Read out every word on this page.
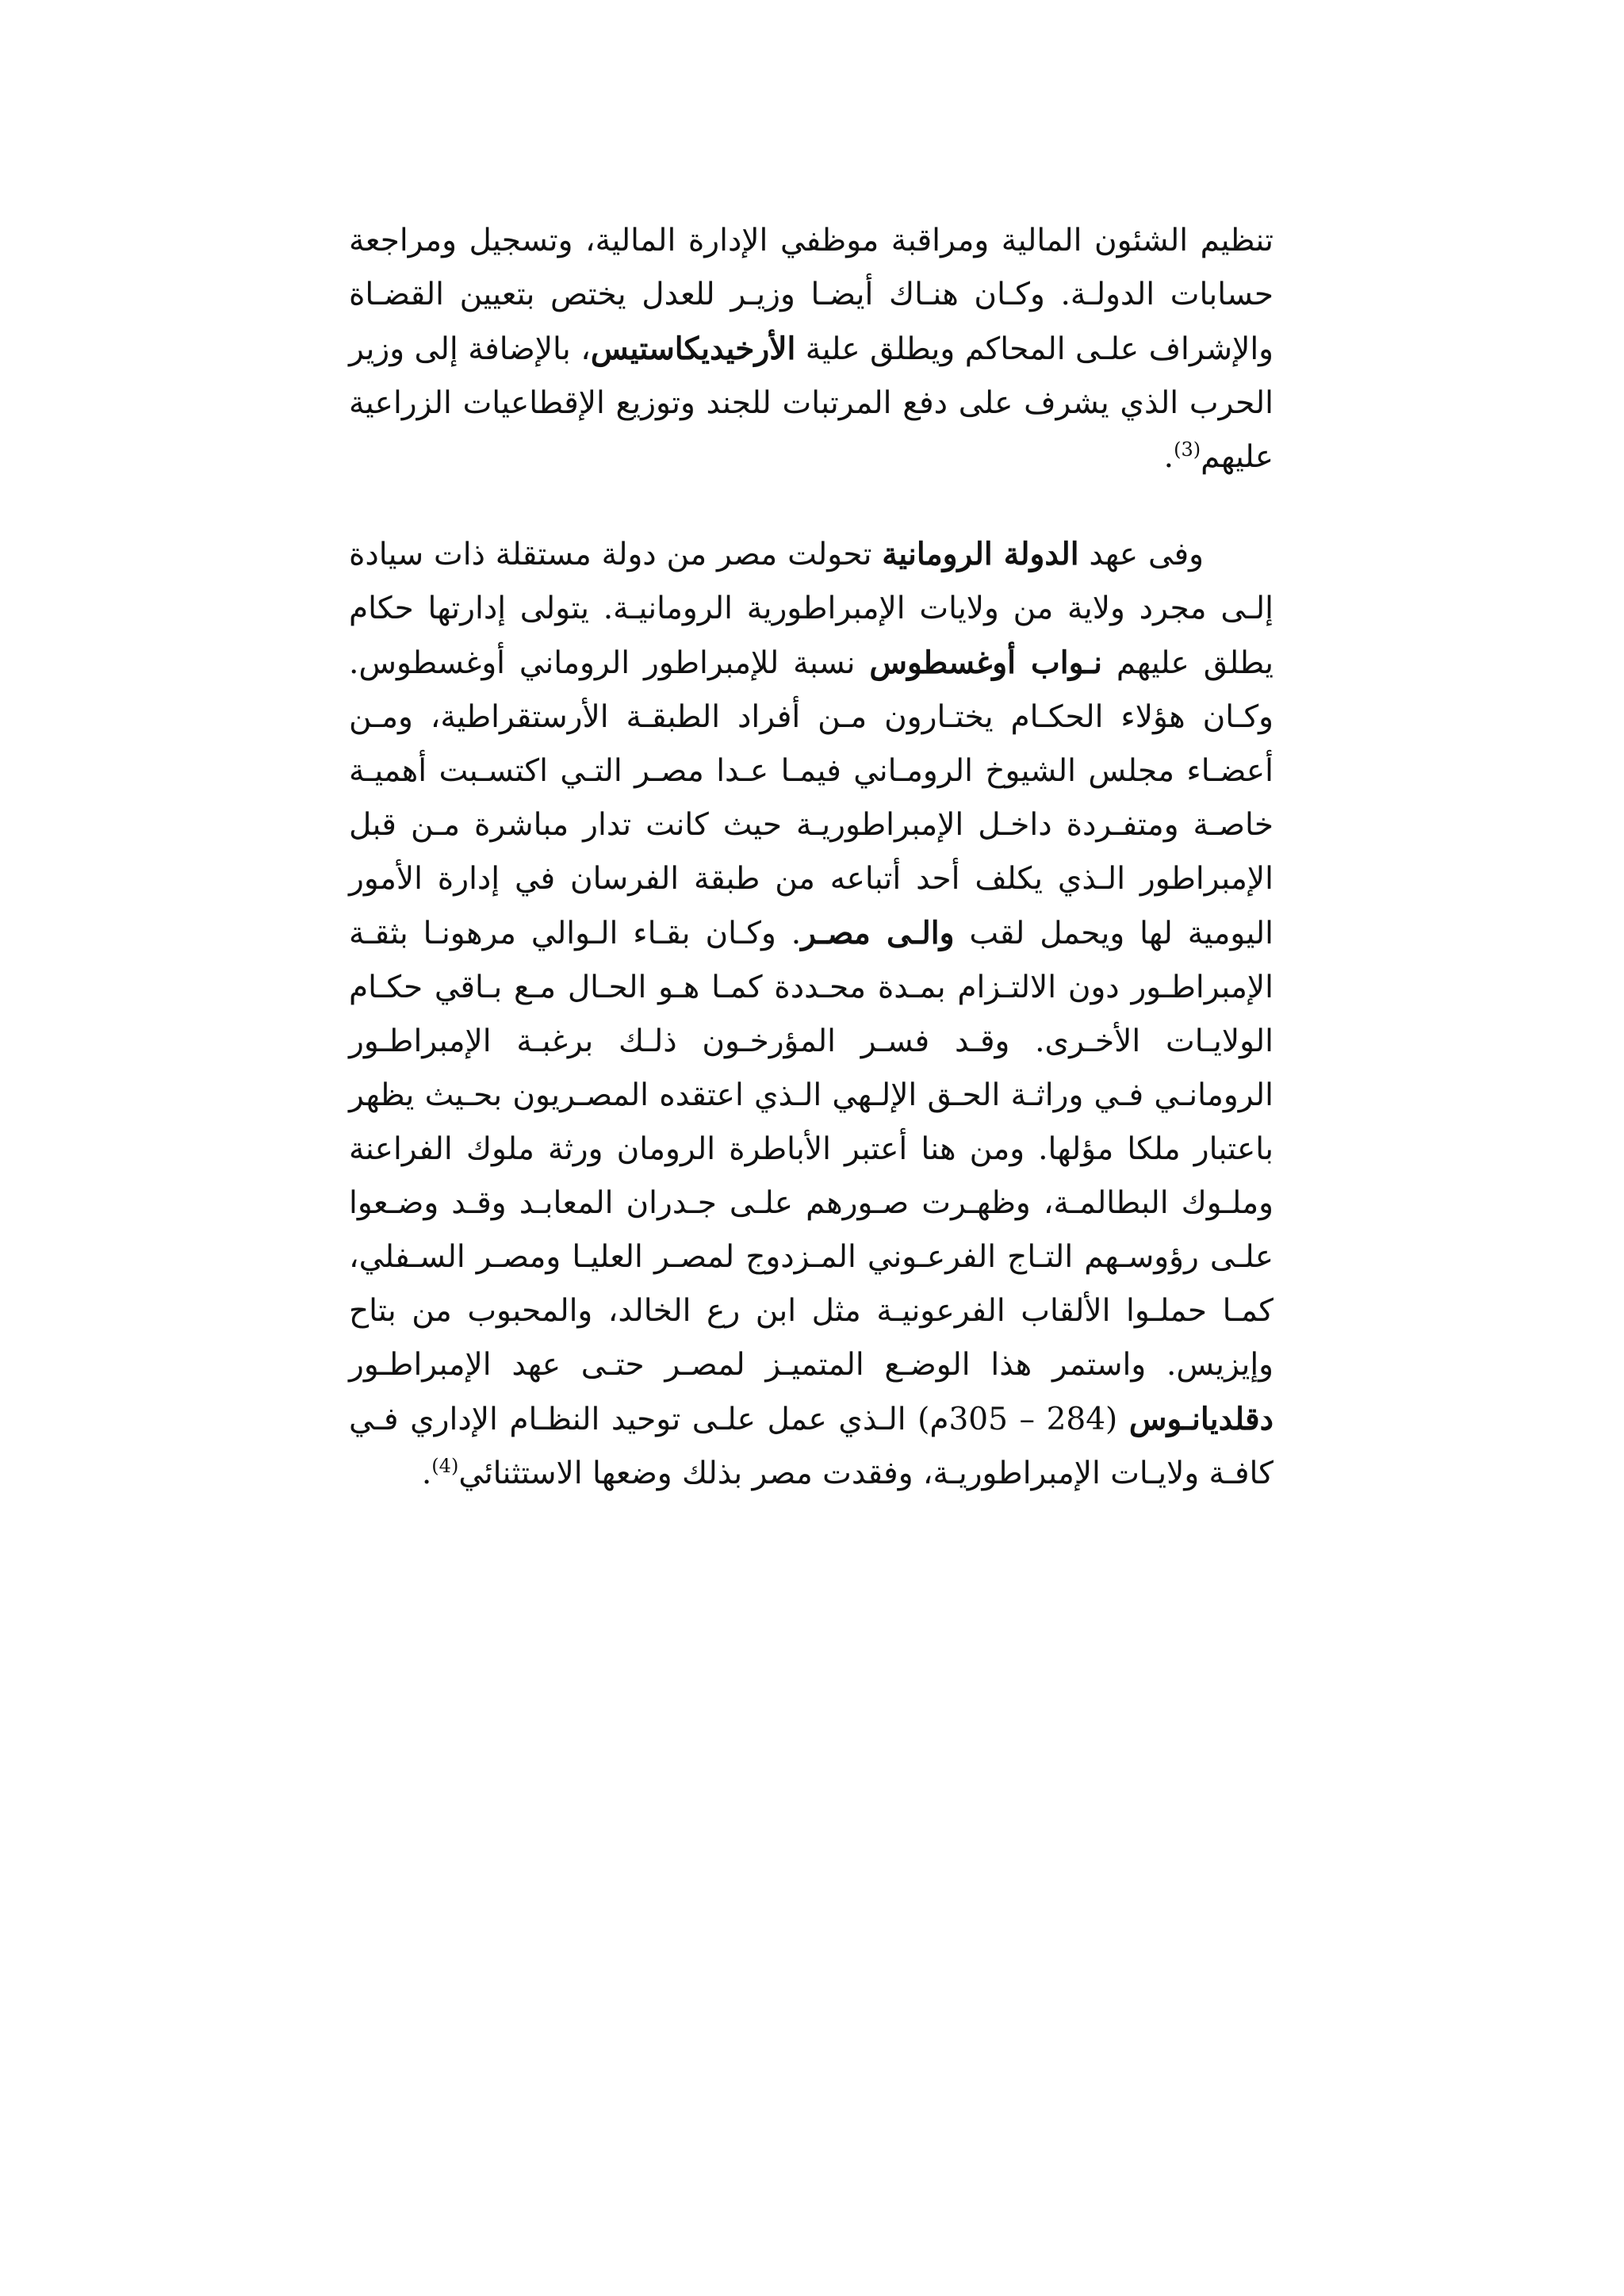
تنظيم الشئون المالية ومراقبة موظفي الإدارة المالية، وتسجيل ومراجعة حسابات الدولـة. وكـان هنـاك أيضـا وزيـر للعدل يختص بتعيين القضـاة والإشراف علـى المحاكم ويطلق علية الأرخيديكاستيس، بالإضافة إلى وزير الحرب الذي يشرف على دفع المرتبات للجند وتوزيع الإقطاعيات الزراعية عليهم$^{(3)}$.

وفى عهد الدولة الرومانية تحولت مصر من دولة مستقلة ذات سيادة إلـى مجرد ولاية من ولايات الإمبراطورية الرومانيـة. يتولى إدارتها حكام يطلق عليهم نـواب أوغسطوس نسبة للإمبراطور الروماني أوغسطوس. وكـان هؤلاء الحكـام يختـارون مـن أفراد الطبقـة الأرستقراطية، ومـن أعضـاء مجلس الشيوخ الرومـاني فيمـا عـدا مصـر التـي اكتسـبت أهميـة خاصـة ومتفـردة داخـل الإمبراطوريـة حيث كانت تدار مباشرة مـن قبل الإمبراطور الـذي يكلف أحد أتباعه من طبقة الفرسان في إدارة الأمور اليومية لها ويحمل لقب والـى مصـر. وكـان بقـاء الـوالي مرهونـا بثقـة الإمبراطـور دون الالتـزام بمـدة محـددة كمـا هـو الحـال مـع بـاقي حكـام الولايـات الأخـرى. وقـد فسـر المؤرخـون ذلـك برغبـة الإمبراطـور الرومانـي فـي وراثـة الحـق الإلـهي الـذي اعتقده المصـريون بحـيث يظهر باعتبار ملكا مؤلها. ومن هنا أعتبر الأباطرة الرومان ورثة ملوك الفراعنة وملـوك البطالمـة، وظهـرت صـورهم علـى جـدران المعابـد وقـد وضـعوا علـى رؤوسـهم التـاج الفرعـوني المـزدوج لمصـر العليـا ومصـر السـفلي، كمـا حملـوا الألقاب الفرعونيـة مثل ابن رع الخالد، والمحبوب من بتاح وإيزيس. واستمر هذا الوضـع المتميـز لمصـر حتـى عهد الإمبراطـور دقلديانـوس (284 – 305م) الـذي عمل علـى توحيد النظـام الإداري فـي كافـة ولايـات الإمبراطوريـة، وفقدت مصر بذلك وضعها الاستثنائي$^{(4)}$.
